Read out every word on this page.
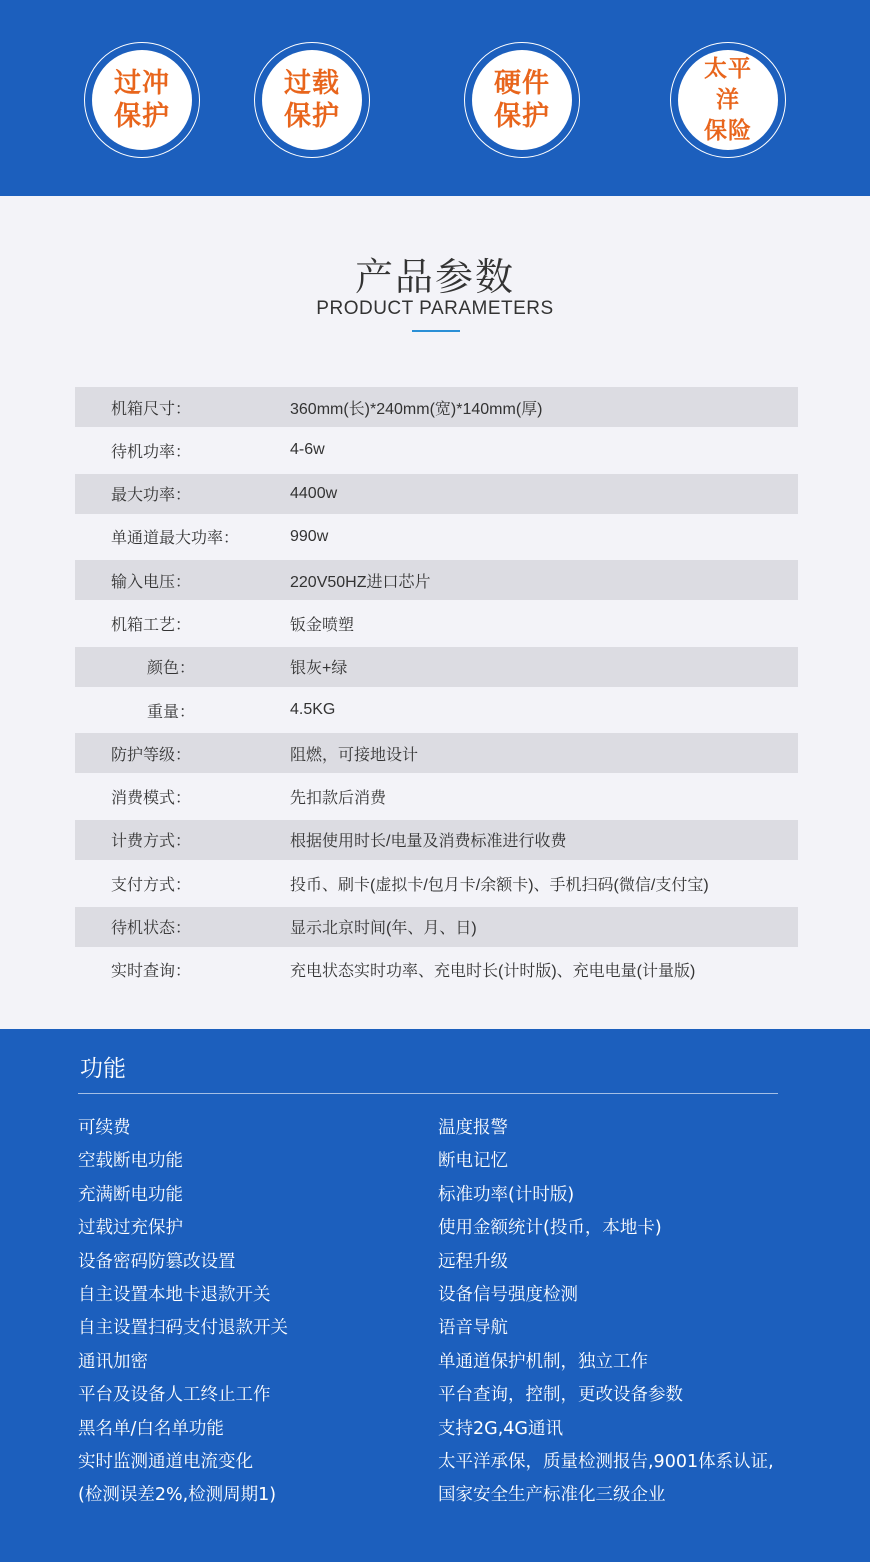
过冲
保护
过载
保护
硬件
保护
太平洋
保险
产品参数
PRODUCT PARAMETERS
机箱尺寸：	360mm(长)*240mm(宽)*140mm(厚)
待机功率：	4-6w
最大功率：	4400w
单通道最大功率：	990w
输入电压：	220V50HZ进口芯片
机箱工艺：	钣金喷塑
颜色：	银灰+绿
重量：	4.5KG
防护等级：	阻燃，可接地设计
消费模式：	先扣款后消费
计费方式：	根据使用时长/电量及消费标准进行收费
支付方式：	投币、刷卡(虚拟卡/包月卡/余额卡)、手机扫码(微信/支付宝)
待机状态：	显示北京时间(年、月、日)
实时查询：	充电状态实时功率、充电时长(计时版)、充电电量(计量版)
功能
可续费
空载断电功能
充满断电功能
过载过充保护
设备密码防篡改设置
自主设置本地卡退款开关
自主设置扫码支付退款开关
通讯加密
平台及设备人工终止工作
黑名单/白名单功能
实时监测通道电流变化
(检测误差2%,检测周期1)
温度报警
断电记忆
标准功率(计时版)
使用金额统计(投币，本地卡)
远程升级
设备信号强度检测
语音导航
单通道保护机制，独立工作
平台查询，控制，更改设备参数
支持2G,4G通讯
太平洋承保，质量检测报告,9001体系认证,
国家安全生产标准化三级企业
